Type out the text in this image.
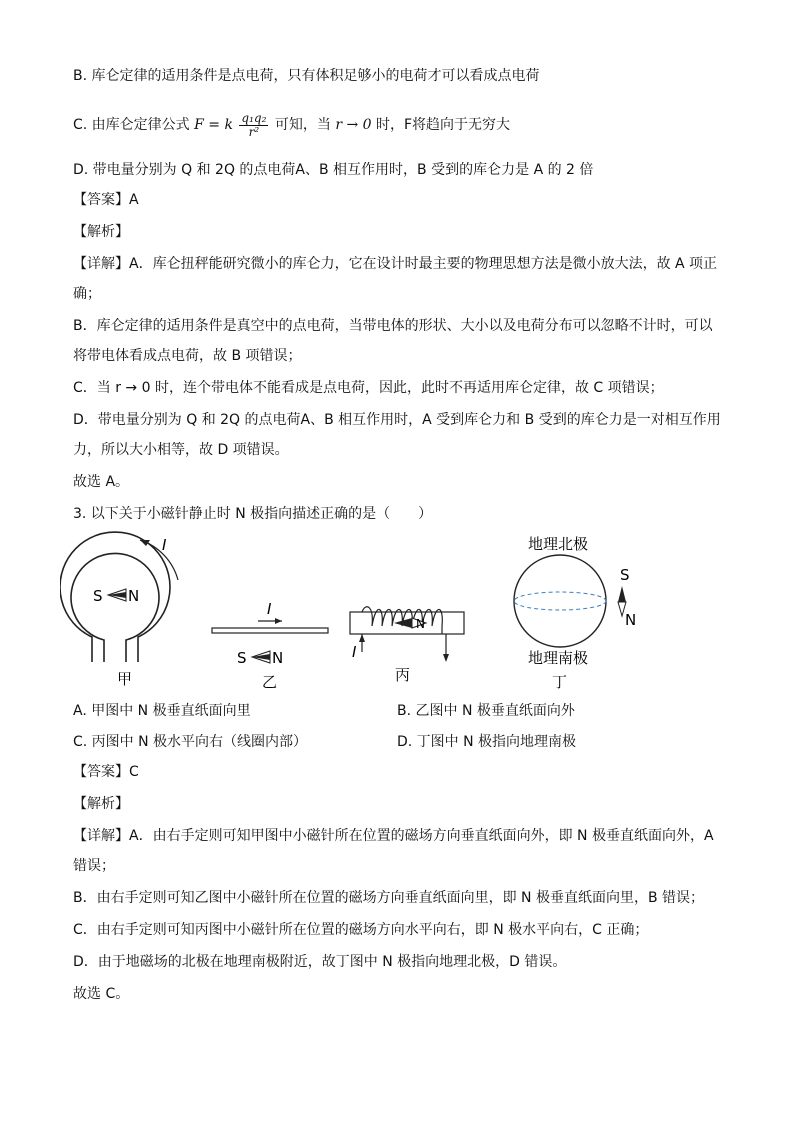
B. 库仑定律的适用条件是点电荷，只有体积足够小的电荷才可以看成点电荷
C. 由库仑定律公式 F = k $\frac{\text{q₁q₂}}{\text{r²}}$ 可知，当 r → 0 时，F将趋向于无穷大
D. 带电量分别为 Q 和 2Q 的点电荷A、B 相互作用时，B 受到的库仑力是 A 的 2 倍
【答案】A
【解析】
【详解】A．库仑扭秤能研究微小的库仑力，它在设计时最主要的物理思想方法是微小放大法，故 A 项正
确；
B．库仑定律的适用条件是真空中的点电荷，当带电体的形状、大小以及电荷分布可以忽略不计时，可以
将带电体看成点电荷，故 B 项错误；
C．当 r → 0 时，连个带电体不能看成是点电荷，因此，此时不再适用库仑定律，故 C 项错误；
D．带电量分别为 Q 和 2Q 的点电荷A、B 相互作用时，A 受到库仑力和 B 受到的库仑力是一对相互作用
力，所以大小相等，故 D 项错误。
故选 A。
3. 以下关于小磁针静止时 N 极指向描述正确的是（　　）
I
S N
甲
I
S N
乙
I
N
丙
地理北极
地理南极
S
N
丁
A. 甲图中 N 极垂直纸面向里	B. 乙图中 N 极垂直纸面向外
C. 丙图中 N 极水平向右（线圈内部）	D. 丁图中 N 极指向地理南极
【答案】C
【解析】
【详解】A．由右手定则可知甲图中小磁针所在位置的磁场方向垂直纸面向外，即 N 极垂直纸面向外，A
错误；
B．由右手定则可知乙图中小磁针所在位置的磁场方向垂直纸面向里，即 N 极垂直纸面向里，B 错误；
C．由右手定则可知丙图中小磁针所在位置的磁场方向水平向右，即 N 极水平向右，C 正确；
D．由于地磁场的北极在地理南极附近，故丁图中 N 极指向地理北极，D 错误。
故选 C。
